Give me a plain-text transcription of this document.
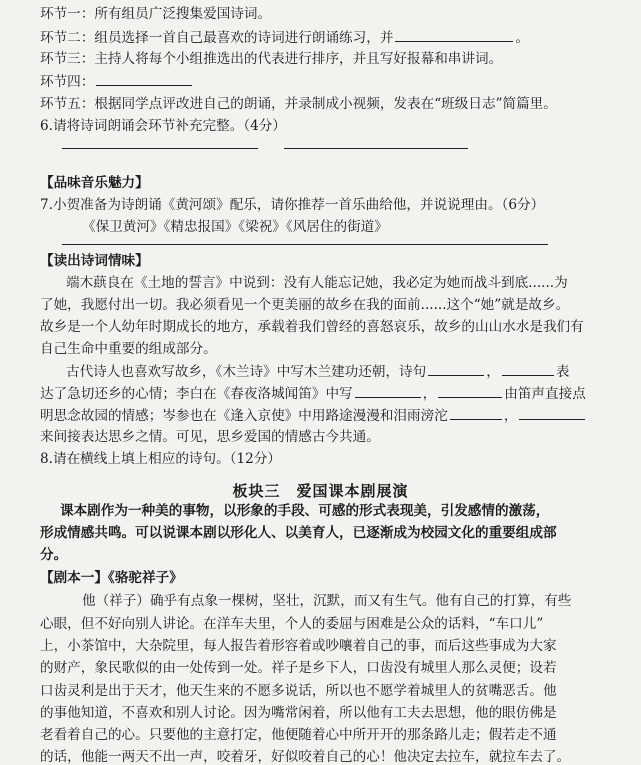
环节一：所有组员广泛搜集爱国诗词。
环节二：组员选择一首自己最喜欢的诗词进行朗诵练习，并	。
环节三：主持人将每个小组推选出的代表进行排序，并且写好报幕和串讲词。
环节四：
环节五：根据同学点评改进自己的朗诵，并录制成小视频，发表在“班级日志”简篇里。
6.请将诗词朗诵会环节补充完整。（4分）
【品味音乐魅力】
7.小贺准备为诗朗诵《黄河颂》配乐，请你推荐一首乐曲给他，并说说理由。（6分）
《保卫黄河》《精忠报国》《梁祝》《风居住的街道》
【读出诗词情味】
端木蕻良在《土地的誓言》中说到：没有人能忘记她，我必定为她而战斗到底......为
了她，我愿付出一切。我必须看见一个更美丽的故乡在我的面前......这个“她”就是故乡。
故乡是一个人幼年时期成长的地方，承载着我们曾经的喜怒哀乐，故乡的山山水水是我们有
自己生命中重要的组成部分。
古代诗人也喜欢写故乡，《木兰诗》中写木兰建功还朝，诗句	，	表
达了急切还乡的心情；李白在《春夜洛城闻笛》中写	，	由笛声直接点
明思念故园的情感；岑参也在《逢入京使》中用路途漫漫和泪雨滂沱	，
来间接表达思乡之情。可见，思乡爱国的情感古今共通。
8.请在横线上填上相应的诗句。（12分）
板块三 爱国课本剧展演
课本剧作为一种美的事物，以形象的手段、可感的形式表现美，引发感情的激荡，
形成情感共鸣。可以说课本剧以形化人、以美育人，已逐渐成为校园文化的重要组成部
分。
【剧本一】《骆驼祥子》
他（祥子）确乎有点象一棵树，坚壮，沉默，而又有生气。他有自己的打算，有些
心眼，但不好向别人讲论。在洋车夫里，个人的委屈与困难是公众的话料，“车口儿”
上，小茶馆中，大杂院里，每人报告着形容着或吵嚷着自己的事，而后这些事成为大家
的财产，象民歌似的由一处传到一处。祥子是乡下人，口齿没有城里人那么灵便；设若
口齿灵利是出于天才，他天生来的不愿多说话，所以也不愿学着城里人的贫嘴恶舌。他
的事他知道，不喜欢和别人讨论。因为嘴常闲着，所以他有工夫去思想，他的眼仿佛是
老看着自己的心。只要他的主意打定，他便随着心中所开开的那条路儿走；假若走不通
的话，他能一两天不出一声，咬着牙，好似咬着自己的心！他决定去拉车，就拉车去了。
